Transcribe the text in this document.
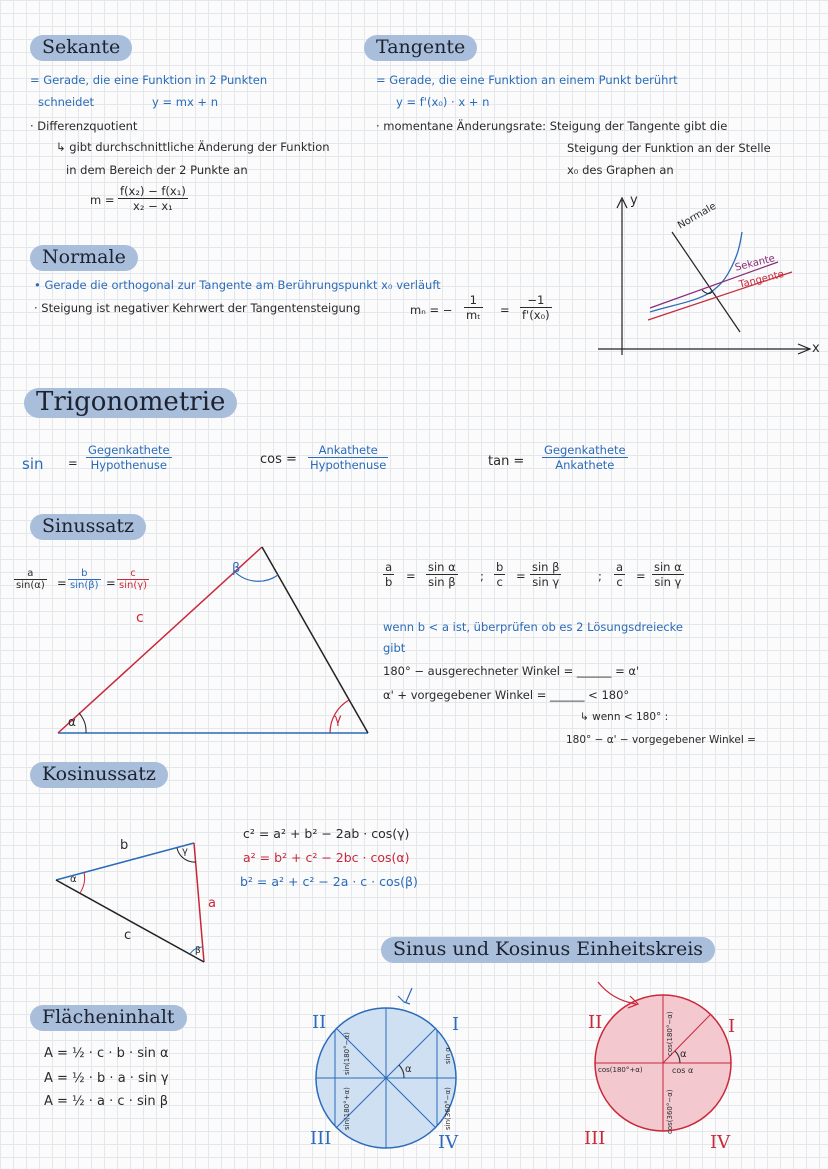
Sekante
= Gerade, die eine Funktion in 2 Punkten
schneidet	y = mx + n
· Differenzquotient
↳ gibt durchschnittliche Änderung der Funktion
in dem Bereich der 2 Punkte an
$m = \frac{\text{f(x₂) − f(x₁)}}{\text{x₂ − x₁}}$
Tangente
= Gerade, die eine Funktion an einem Punkt berührt
y = f'(x₀) · x + n
· momentane Änderungsrate: Steigung der Tangente gibt die
Steigung der Funktion an der Stelle
x₀ des Graphen an
y
x
Normale
Sekante
Tangente
Normale
• Gerade die orthogonal zur Tangente am Berührungspunkt x₀ verläuft
· Steigung ist negativer Kehrwert der Tangentensteigung	mₙ = − $\frac{1}{\text{mₜ}} = \frac{-1}{\text{f'(x₀)}}$
Trigonometrie
sin =
Gegenkathete
Hypothenuse	cos =
Ankathete
Hypothenuse	tan =
Gegenkathete
Ankathete
Sinussatz
$\frac{a}{\sin(\alpha)} = \frac{b}{\sin(\beta)} = \frac{c}{\sin(\gamma)}$
c
α
β
γ
$\frac{a}{b} = \frac{\text{sin α}}{\text{sin β}}$ ; $\frac{b}{c} = \frac{\text{sin β}}{\text{sin γ}}$	; $\frac{a}{c} = \frac{\text{sin α}}{\text{sin γ}}$
wenn b < a ist, überprüfen ob es 2 Lösungsdreiecke
gibt
180° − ausgerechneter Winkel = ______ = α'
α' + vorgegebener Winkel = ______ < 180°
↳ wenn < 180° :
180° − α' − vorgegebener Winkel =
Kosinussatz
c² = a² + b² − 2ab · cos(γ)
a² = b² + c² − 2bc · cos(α)
b² = a² + c² − 2a · c · cos(β)
b
a
c
α
γ
β
Flächeninhalt
A = ½ · c · b · sin α
A = ½ · b · a · sin γ
A = ½ · a · c · sin β
Sinus und Kosinus Einheitskreis
II	I
III	IV
α
sin α
sin(180°−α)
sin(180°+α)	sin(360°−α)
II	I
III	IV
α
cos α
cos(180°+α)
cos(180°−α)
cos(360°−α)
